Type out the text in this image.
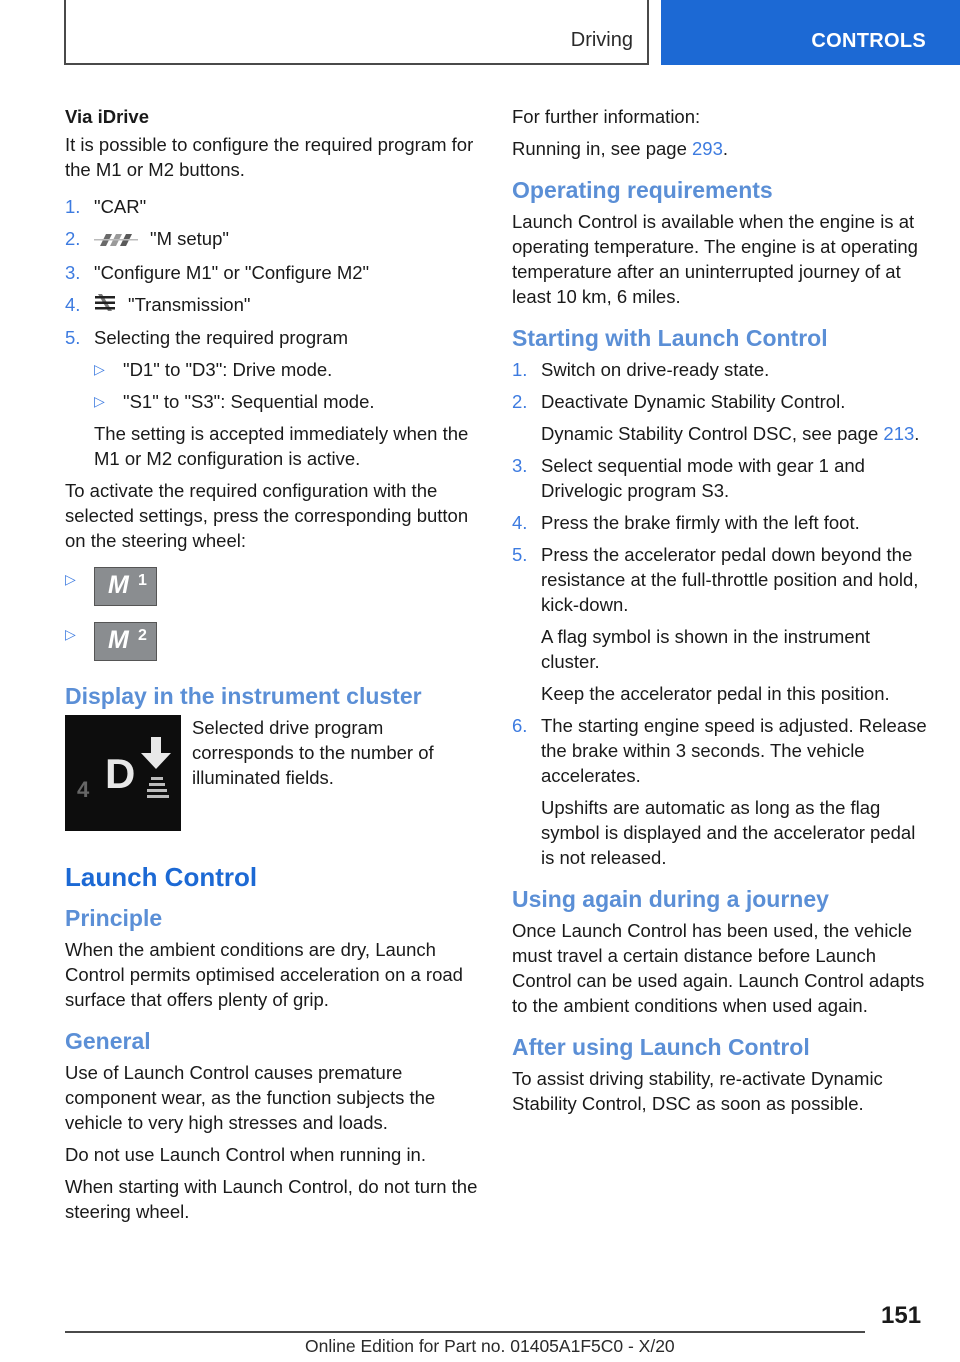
Driving	CONTROLS

Via iDrive

It is possible to configure the required program for the M1 or M2 buttons.

1. "CAR"
2.	"M setup"
3. "Configure M1" or "Configure M2"
4.	"Transmission"
5. Selecting the required program
▷ "D1" to "D3": Drive mode.
▷ "S1" to "S3": Sequential mode.

The setting is accepted immediately when the M1 or M2 configuration is active.

To activate the required configuration with the selected settings, press the corresponding button on the steering wheel:

▷	M 1
▷	M 2
Display in the instrument cluster
4 D
Selected drive program corresponds to the number of illuminated fields.
Launch Control
Principle

When the ambient conditions are dry, Launch Control permits optimised acceleration on a road surface that offers plenty of grip.

General

Use of Launch Control causes premature component wear, as the function subjects the vehicle to very high stresses and loads.

Do not use Launch Control when running in.

When starting with Launch Control, do not turn the steering wheel.

For further information:

Running in, see page 293.

Operating requirements

Launch Control is available when the engine is at operating temperature. The engine is at operating temperature after an uninterrupted journey of at least 10 km, 6 miles.

Starting with Launch Control
1. Switch on drive-ready state.
2. Deactivate Dynamic Stability Control.
Dynamic Stability Control DSC, see page 213.
3. Select sequential mode with gear 1 and Drivelogic program S3.
4. Press the brake firmly with the left foot.
5. Press the accelerator pedal down beyond the resistance at the full-throttle position and hold, kick-down.
A flag symbol is shown in the instrument cluster.
Keep the accelerator pedal in this position.
6. The starting engine speed is adjusted. Release the brake within 3 seconds. The vehicle accelerates.
Upshifts are automatic as long as the flag symbol is displayed and the accelerator pedal is not released.
Using again during a journey

Once Launch Control has been used, the vehicle must travel a certain distance before Launch Control can be used again. Launch Control adapts to the ambient conditions when used again.

After using Launch Control

To assist driving stability, re-activate Dynamic Stability Control, DSC as soon as possible.

151
Online Edition for Part no. 01405A1F5C0 - X/20
